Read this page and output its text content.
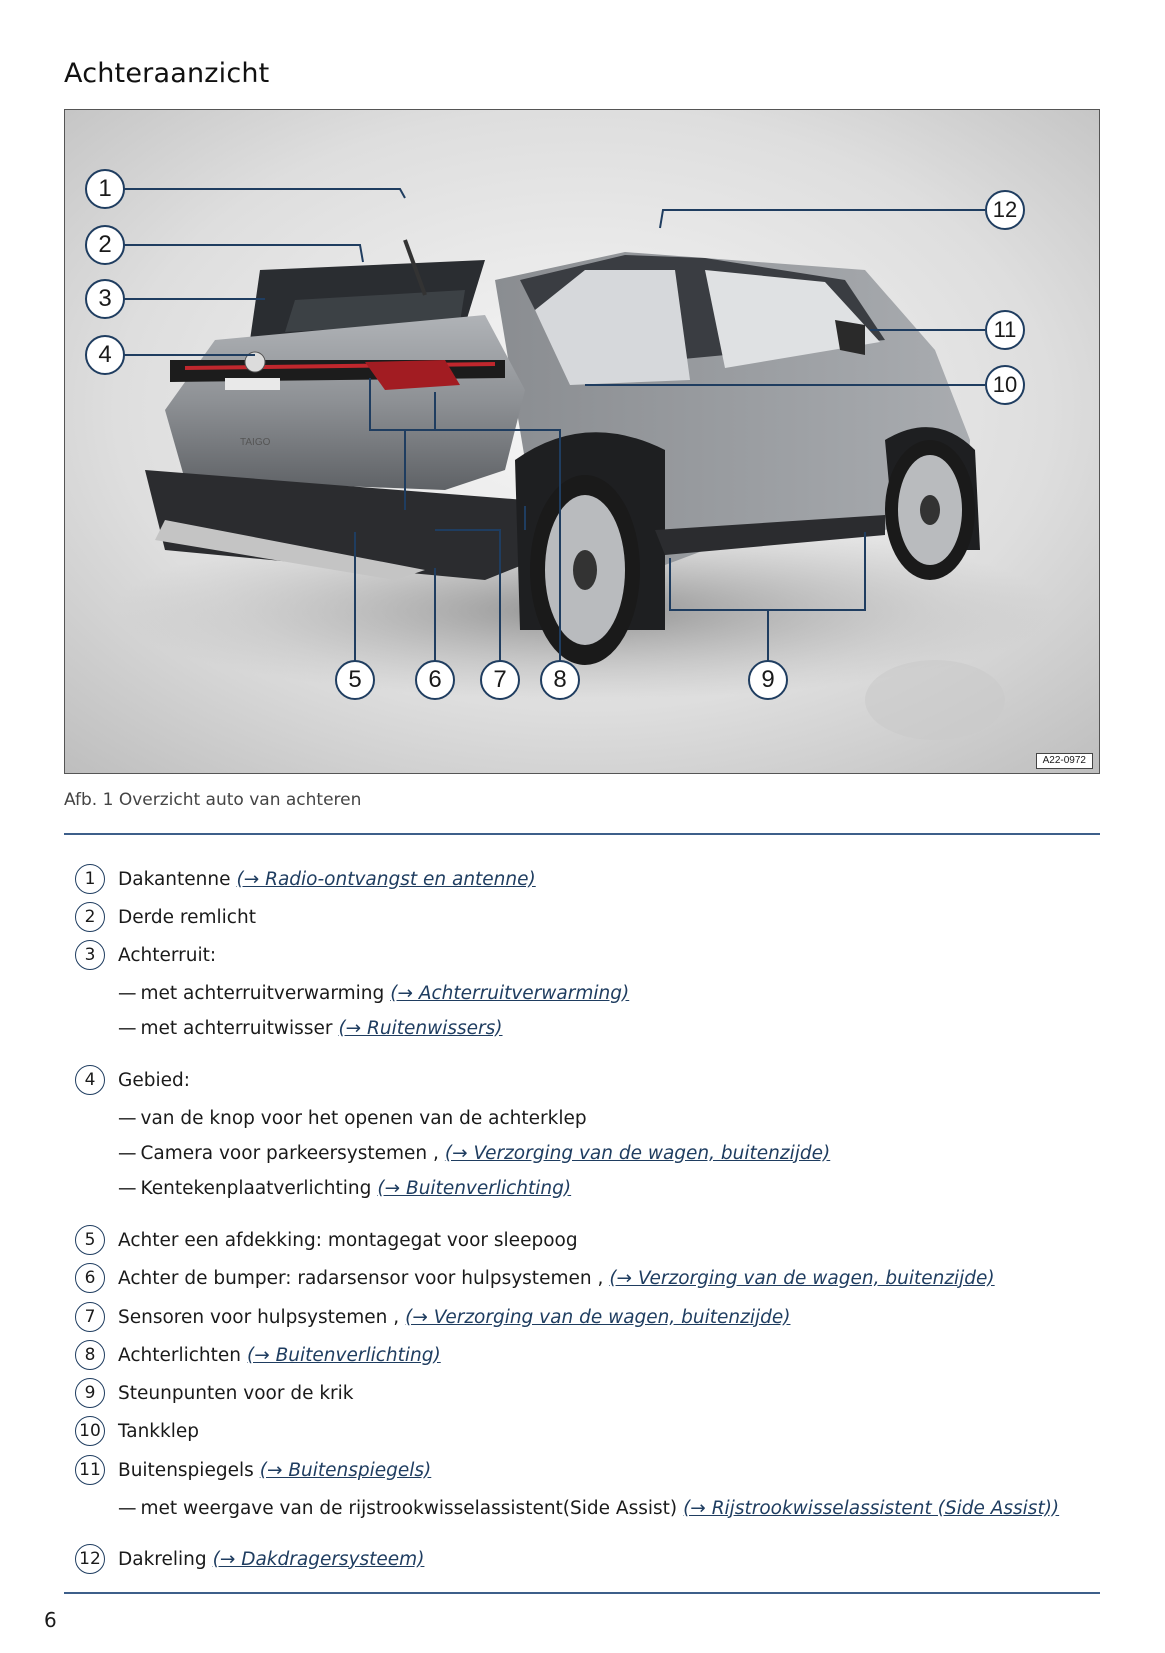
Achteraanzicht
TAIGO
1
2
3
4
5	6	7	8	9
10
11
12
A22-0972
Afb. 1 Overzicht auto van achteren
1	Dakantenne (→ Radio-ontvangst en antenne)
2	Derde remlicht
3	Achterruit:
— met achterruitverwarming (→ Achterruitverwarming)
— met achterruitwisser (→ Ruitenwissers)
4	Gebied:
— van de knop voor het openen van de achterklep
— Camera voor parkeersystemen , (→ Verzorging van de wagen, buitenzijde)
— Kentekenplaatverlichting (→ Buitenverlichting)
5	Achter een afdekking: montagegat voor sleepoog
6	Achter de bumper: radarsensor voor hulpsystemen , (→ Verzorging van de wagen, buitenzijde)
7	Sensoren voor hulpsystemen , (→ Verzorging van de wagen, buitenzijde)
8	Achterlichten (→ Buitenverlichting)
9	Steunpunten voor de krik
10 Tankklep
11 Buitenspiegels (→ Buitenspiegels)
— met weergave van de rijstrookwisselassistent(Side Assist) (→ Rijstrookwisselassistent (Side Assist))
12 Dakreling (→ Dakdragersysteem)
6
